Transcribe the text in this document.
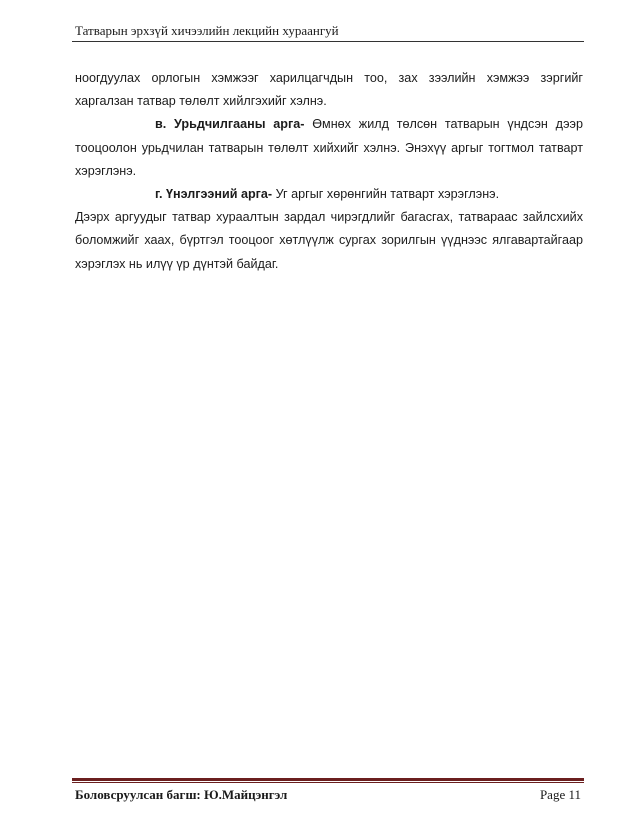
Татварын эрхзүй хичээлийн лекцийн хураангуй

ноогдуулах орлогын хэмжээг харилцагчдын тоо, зах зээлийн хэмжээ зэргийг харгалзан татвар төлөлт хийлгэхийг хэлнэ.

в. Урьдчилгааны арга- Өмнөх жилд төлсөн татварын үндсэн дээр тооцоолон урьдчилан татварын төлөлт хийхийг хэлнэ. Энэхүү аргыг тогтмол татварт хэрэглэнэ.

г. Үнэлгээний арга- Уг аргыг хөрөнгийн татварт хэрэглэнэ.

Дээрх аргуудыг татвар хураалтын зардал чирэгдлийг багасгах, татвараас зайлсхийх боломжийг хаах, бүртгэл тооцоог хөтлүүлж сургах зорилгын үүднээс ялгавартайгаар хэрэглэх нь илүү үр дүнтэй байдаг.

Боловсруулсан багш: Ю.Майцэнгэл	Page 11
